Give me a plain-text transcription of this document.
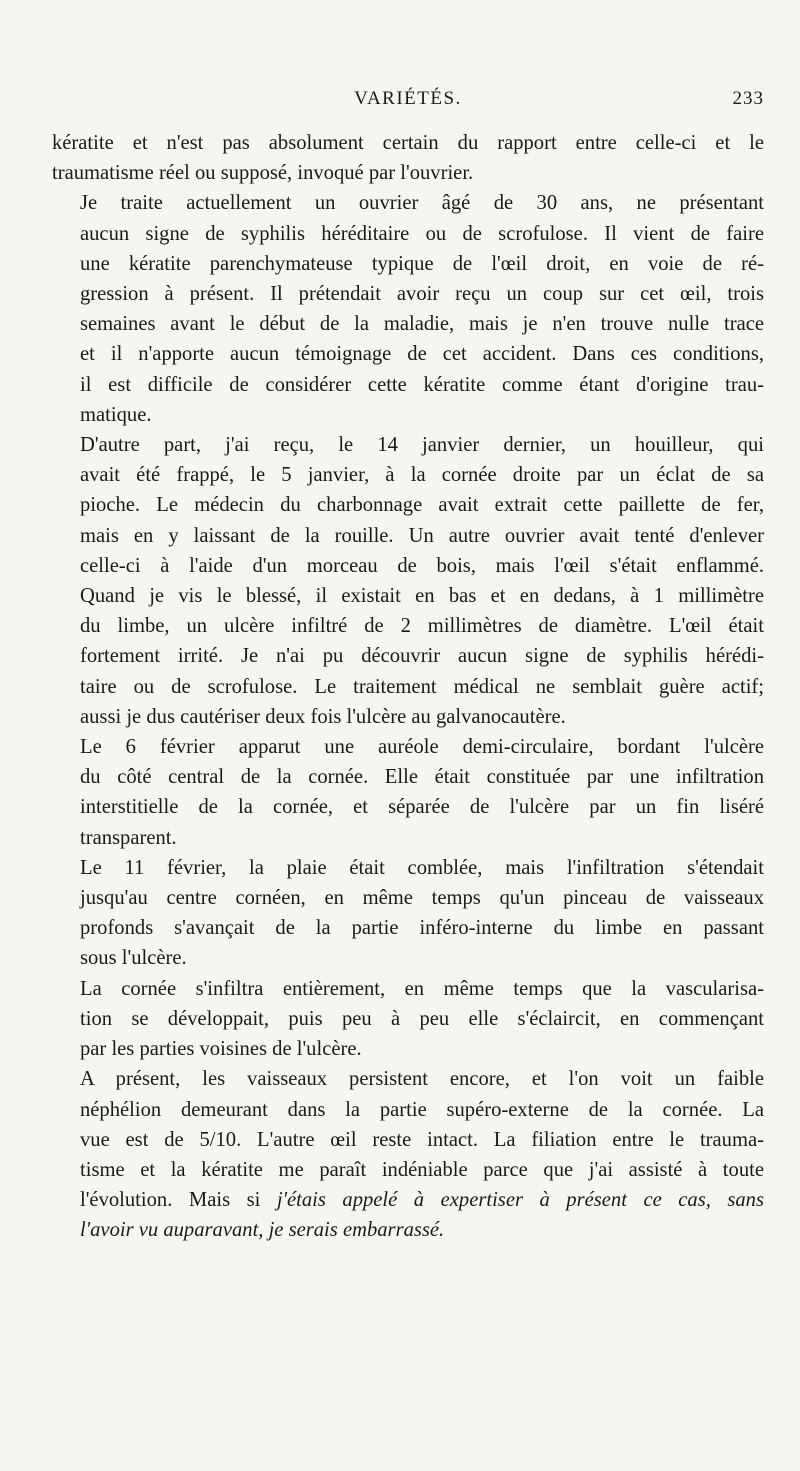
VARIÉTÉS.	233

kératite et n'est pas absolument certain du rapport entre celle-ci et le
traumatisme réel ou supposé, invoqué par l'ouvrier.

Je traite actuellement un ouvrier âgé de 30 ans, ne présentant
aucun signe de syphilis héréditaire ou de scrofulose. Il vient de faire
une kératite parenchymateuse typique de l'œil droit, en voie de ré-
gression à présent. Il prétendait avoir reçu un coup sur cet œil, trois
semaines avant le début de la maladie, mais je n'en trouve nulle trace
et il n'apporte aucun témoignage de cet accident. Dans ces conditions,
il est difficile de considérer cette kératite comme étant d'origine trau-
matique.

D'autre part, j'ai reçu, le 14 janvier dernier, un houilleur, qui
avait été frappé, le 5 janvier, à la cornée droite par un éclat de sa
pioche. Le médecin du charbonnage avait extrait cette paillette de fer,
mais en y laissant de la rouille. Un autre ouvrier avait tenté d'enlever
celle-ci à l'aide d'un morceau de bois, mais l'œil s'était enflammé.
Quand je vis le blessé, il existait en bas et en dedans, à 1 millimètre
du limbe, un ulcère infiltré de 2 millimètres de diamètre. L'œil était
fortement irrité. Je n'ai pu découvrir aucun signe de syphilis hérédi-
taire ou de scrofulose. Le traitement médical ne semblait guère actif;
aussi je dus cautériser deux fois l'ulcère au galvanocautère.

Le 6 février apparut une auréole demi-circulaire, bordant l'ulcère
du côté central de la cornée. Elle était constituée par une infiltration
interstitielle de la cornée, et séparée de l'ulcère par un fin liséré
transparent.

Le 11 février, la plaie était comblée, mais l'infiltration s'étendait
jusqu'au centre cornéen, en même temps qu'un pinceau de vaisseaux
profonds s'avançait de la partie inféro-interne du limbe en passant
sous l'ulcère.

La cornée s'infiltra entièrement, en même temps que la vascularisa-
tion se développait, puis peu à peu elle s'éclaircit, en commençant
par les parties voisines de l'ulcère.

A présent, les vaisseaux persistent encore, et l'on voit un faible
néphélion demeurant dans la partie supéro-externe de la cornée. La
vue est de 5/10. L'autre œil reste intact. La filiation entre le trauma-
tisme et la kératite me paraît indéniable parce que j'ai assisté à toute
l'évolution. Mais si j'étais appelé à expertiser à présent ce cas, sans
l'avoir vu auparavant, je serais embarrassé.
